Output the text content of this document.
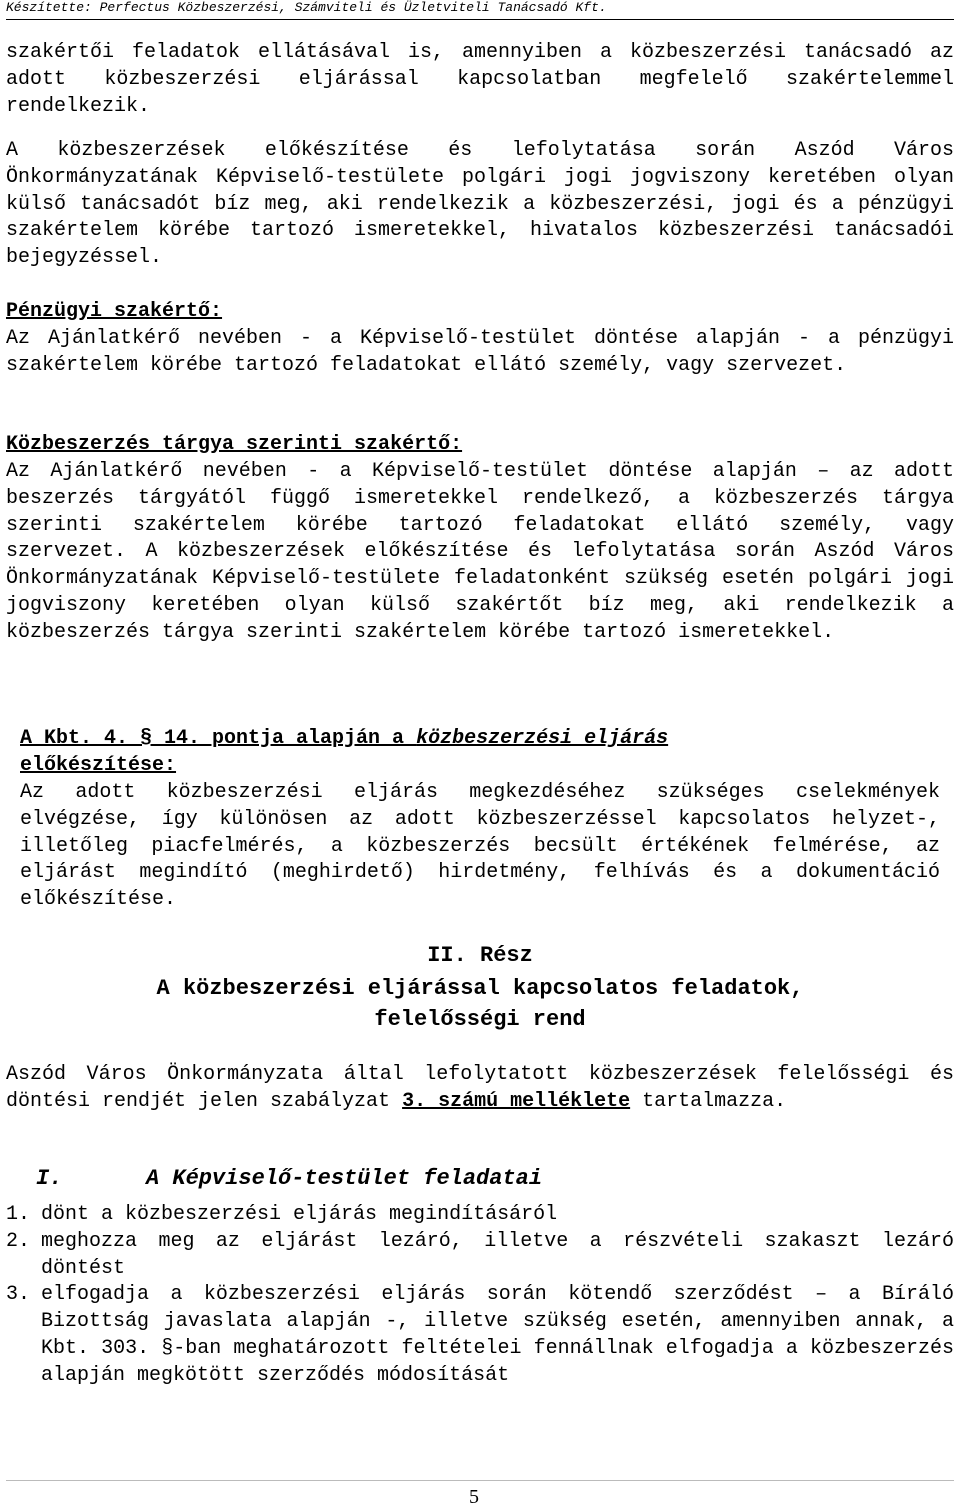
Készítette: Perfectus Közbeszerzési, Számviteli és Üzletviteli Tanácsadó Kft.

szakértői feladatok ellátásával is, amennyiben a közbeszerzési tanácsadó az adott közbeszerzési eljárással kapcsolatban megfelelő szakértelemmel rendelkezik.

A közbeszerzések előkészítése és lefolytatása során Aszód Város Önkormányzatának Képviselő-testülete polgári jogi jogviszony keretében olyan külső tanácsadót bíz meg, aki rendelkezik a közbeszerzési, jogi és a pénzügyi szakértelem körébe tartozó ismeretekkel, hivatalos közbeszerzési tanácsadói bejegyzéssel.

Pénzügyi szakértő:

Az Ajánlatkérő nevében - a Képviselő-testület döntése alapján - a pénzügyi szakértelem körébe tartozó feladatokat ellátó személy, vagy szervezet.

Közbeszerzés tárgya szerinti szakértő:

Az Ajánlatkérő nevében - a Képviselő-testület döntése alapján – az adott beszerzés tárgyától függő ismeretekkel rendelkező, a közbeszerzés tárgya szerinti szakértelem körébe tartozó feladatokat ellátó személy, vagy szervezet. A közbeszerzések előkészítése és lefolytatása során Aszód Város Önkormányzatának Képviselő-testülete feladatonként szükség esetén polgári jogi jogviszony keretében olyan külső szakértőt bíz meg, aki rendelkezik a közbeszerzés tárgya szerinti szakértelem körébe tartozó ismeretekkel.

A Kbt. 4. § 14. pontja alapján a közbeszerzési eljárás
előkészítése:

Az adott közbeszerzési eljárás megkezdéséhez szükséges cselekmények elvégzése, így különösen az adott közbeszerzéssel kapcsolatos helyzet-, illetőleg piacfelmérés, a közbeszerzés becsült értékének felmérése, az eljárást megindító (meghirdető) hirdetmény, felhívás és a dokumentáció előkészítése.

II. Rész

A közbeszerzési eljárással kapcsolatos feladatok,

felelősségi rend

Aszód Város Önkormányzata által lefolytatott közbeszerzések felelősségi és döntési rendjét jelen szabályzat 3. számú melléklete tartalmazza.

I.	A Képviselő-testület feladatai
1. dönt a közbeszerzési eljárás megindításáról
2. meghozza meg az eljárást lezáró, illetve a részvételi szakaszt lezáró döntést
3. elfogadja a közbeszerzési eljárás során kötendő szerződést – a Bíráló Bizottság javaslata alapján -, illetve szükség esetén, amennyiben annak, a Kbt. 303. §-ban meghatározott feltételei fennállnak elfogadja a közbeszerzés alapján megkötött szerződés módosítását
5
